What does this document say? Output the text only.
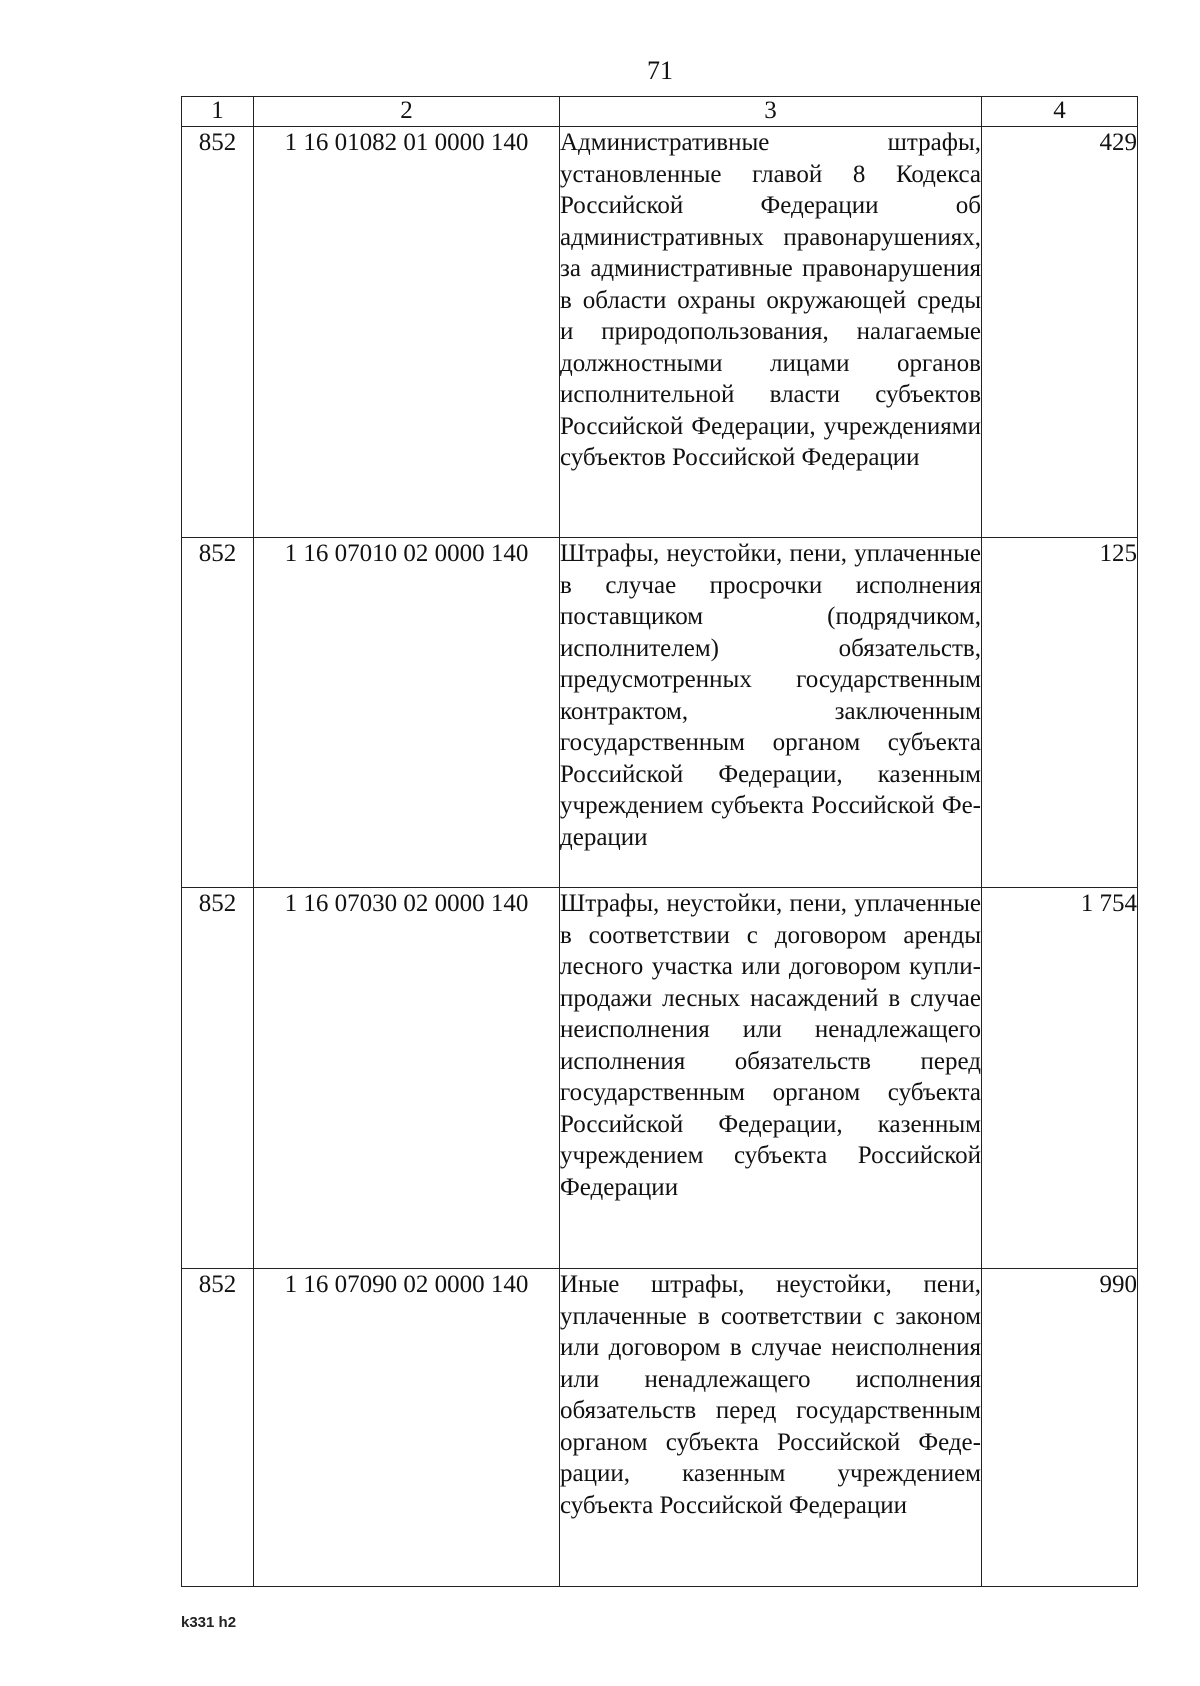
71
1	2	3	4
852	1 16 01082 01 0000 140	Административные штрафы, установленные главой 8 Кодекса Российской Федерации об административных правонарушениях, за административные правонарушения в области охраны окружающей среды и природопользования, налагаемые должностными лицами органов исполнительной власти субъектов Российской Федерации, учреждениями субъектов Российской Федерации	429
852	1 16 07010 02 0000 140	Штрафы, неустойки, пени, уплаченные в случае просрочки исполнения поставщиком (подрядчиком, исполнителем) обязательств, предусмотренных государственным контрактом, заключенным государственным органом субъекта Российской Федерации, казенным учреждением субъекта Российской Федерации	125
852	1 16 07030 02 0000 140	Штрафы, неустойки, пени, уплаченные в соответствии с договором аренды лесного участка или договором купли-продажи лесных насаждений в случае неисполнения или ненадлежащего исполнения обязательств перед государственным органом субъекта Российской Федерации, казенным учреждением субъекта Российской Федерации	1 754
852	1 16 07090 02 0000 140	Иные штрафы, неустойки, пени, уплаченные в соответствии с законом или договором в случае неисполнения или ненадлежащего исполнения обязательств перед государственным органом субъекта Российской Федерации, казенным учреждением субъекта Российской Федерации	990
k331 h2
